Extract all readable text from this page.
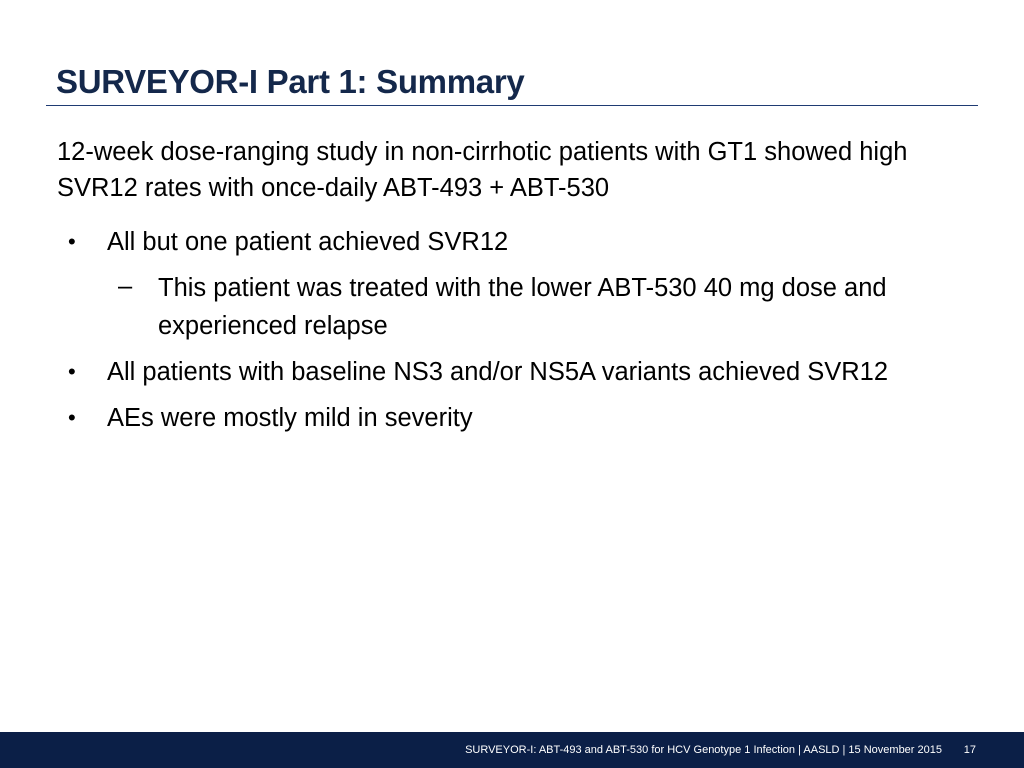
SURVEYOR-I Part 1: Summary

12-week dose-ranging study in non-cirrhotic patients with GT1 showed high SVR12 rates with once-daily ABT-493 + ABT-530

• All but one patient achieved SVR12
– This patient was treated with the lower ABT-530 40 mg dose and experienced relapse
• All patients with baseline NS3 and/or NS5A variants achieved SVR12
• AEs were mostly mild in severity
SURVEYOR-I: ABT-493 and ABT-530 for HCV Genotype 1 Infection | AASLD | 15 November 2015 17
